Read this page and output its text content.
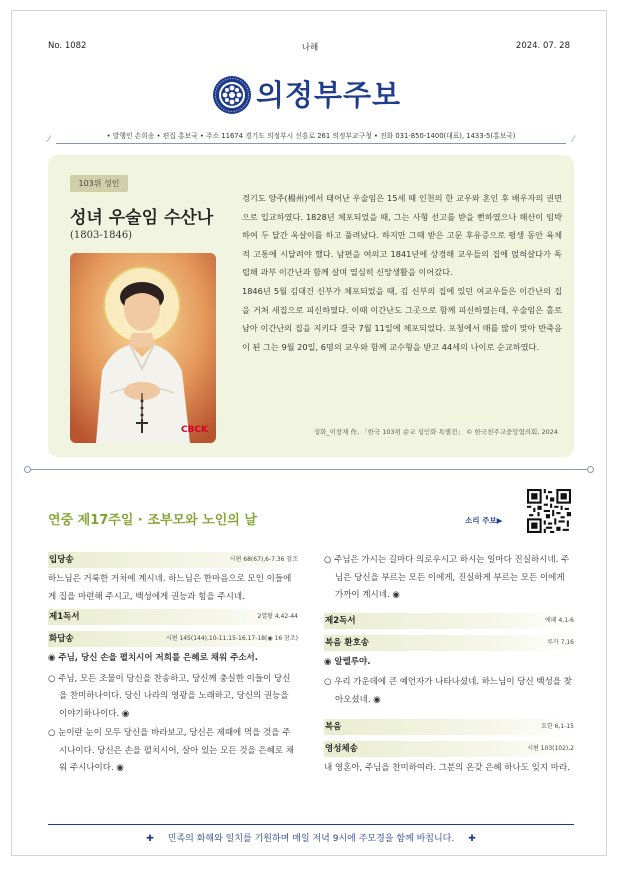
No. 1082	나해	2024. 07. 28
의정부주보
⁄	• 발행인 손희송 • 편집 홍보국 • 주소 11674 경기도 의정부시 신흥로 261 의정부교구청 • 전화 031-850-1400(대표), 1433-5(홍보국)	⁄
103위 성인
성녀 우술임 수산나
(1803-1846)
CBCK

경기도 양주(楊州)에서 태어난 우술임은 15세 때 인천의 한 교우와 혼인 후 배우자의 권면으로 입교하였다. 1828년 체포되었을 때, 그는 사형 선고를 받을 뻔하였으나 해산이 임박하여 두 달간 옥살이를 하고 풀려났다. 하지만 그때 받은 고문 후유증으로 평생 동안 육체적 고통에 시달려야 했다. 남편을 여의고 1841년에 상경해 교우들의 집에 얹혀살다가 독립해 과부 이간난과 함께 살며 열심히 신앙생활을 이어갔다.

1846년 5월 김대건 신부가 체포되었을 때, 김 신부의 집에 있던 여교우들은 이간난의 집을 거쳐 새집으로 피신하였다. 이때 이간난도 그곳으로 함께 피신하였는데, 우술임은 홀로 남아 이간난의 집을 지키다 결국 7월 11일에 체포되었다. 포청에서 매를 많이 맞아 반죽음이 된 그는 9월 20일, 6명의 교우와 함께 교수형을 받고 44세의 나이로 순교하였다.

성화_이창재 作, 「한국 103위 순교 성인화 특별전」 © 한국천주교중앙협의회, 2024
연중 제17주일 · 조부모와 노인의 날	소리 주보▶
입당송	시편 68(67),6-7.36 참조
하느님은 거룩한 거처에 계시네. 하느님은 한마음으로 모인 이들에게 집을 마련해 주시고, 백성에게 권능과 힘을 주시네.
제1독서	2열왕 4,42-44
화답송	시편 145(144),10-11.15-16.17-18(◉ 16 참조)
◉ 주님, 당신 손을 펼치시어 저희를 은혜로 채워 주소서.
○ 주님, 모든 조물이 당신을 찬송하고, 당신께 충실한 이들이 당신을 찬미하나이다. 당신 나라의 영광을 노래하고, 당신의 권능을 이야기하나이다. ◉
○ 눈이란 눈이 모두 당신을 바라보고, 당신은 제때에 먹을 것을 주시나이다. 당신은 손을 펼치시어, 살아 있는 모든 것을 은혜로 채워 주시나이다. ◉
○ 주님은 가시는 길마다 의로우시고 하시는 일마다 진실하시네. 주님은 당신을 부르는 모든 이에게, 진실하게 부르는 모든 이에게 가까이 계시네. ◉
제2독서	에페 4,1-6
복음 환호송	루카 7,16
◉ 알렐루야.
○ 우리 가운데에 큰 예언자가 나타나셨네. 하느님이 당신 백성을 찾아오셨네. ◉
복음	요한 6,1-15
영성체송	시편 103(102),2
내 영혼아, 주님을 찬미하여라. 그분의 온갖 은혜 하나도 잊지 마라.
✚ 민족의 화해와 일치를 기원하며 매일 저녁 9시에 주모경을 함께 바칩니다. ✚
